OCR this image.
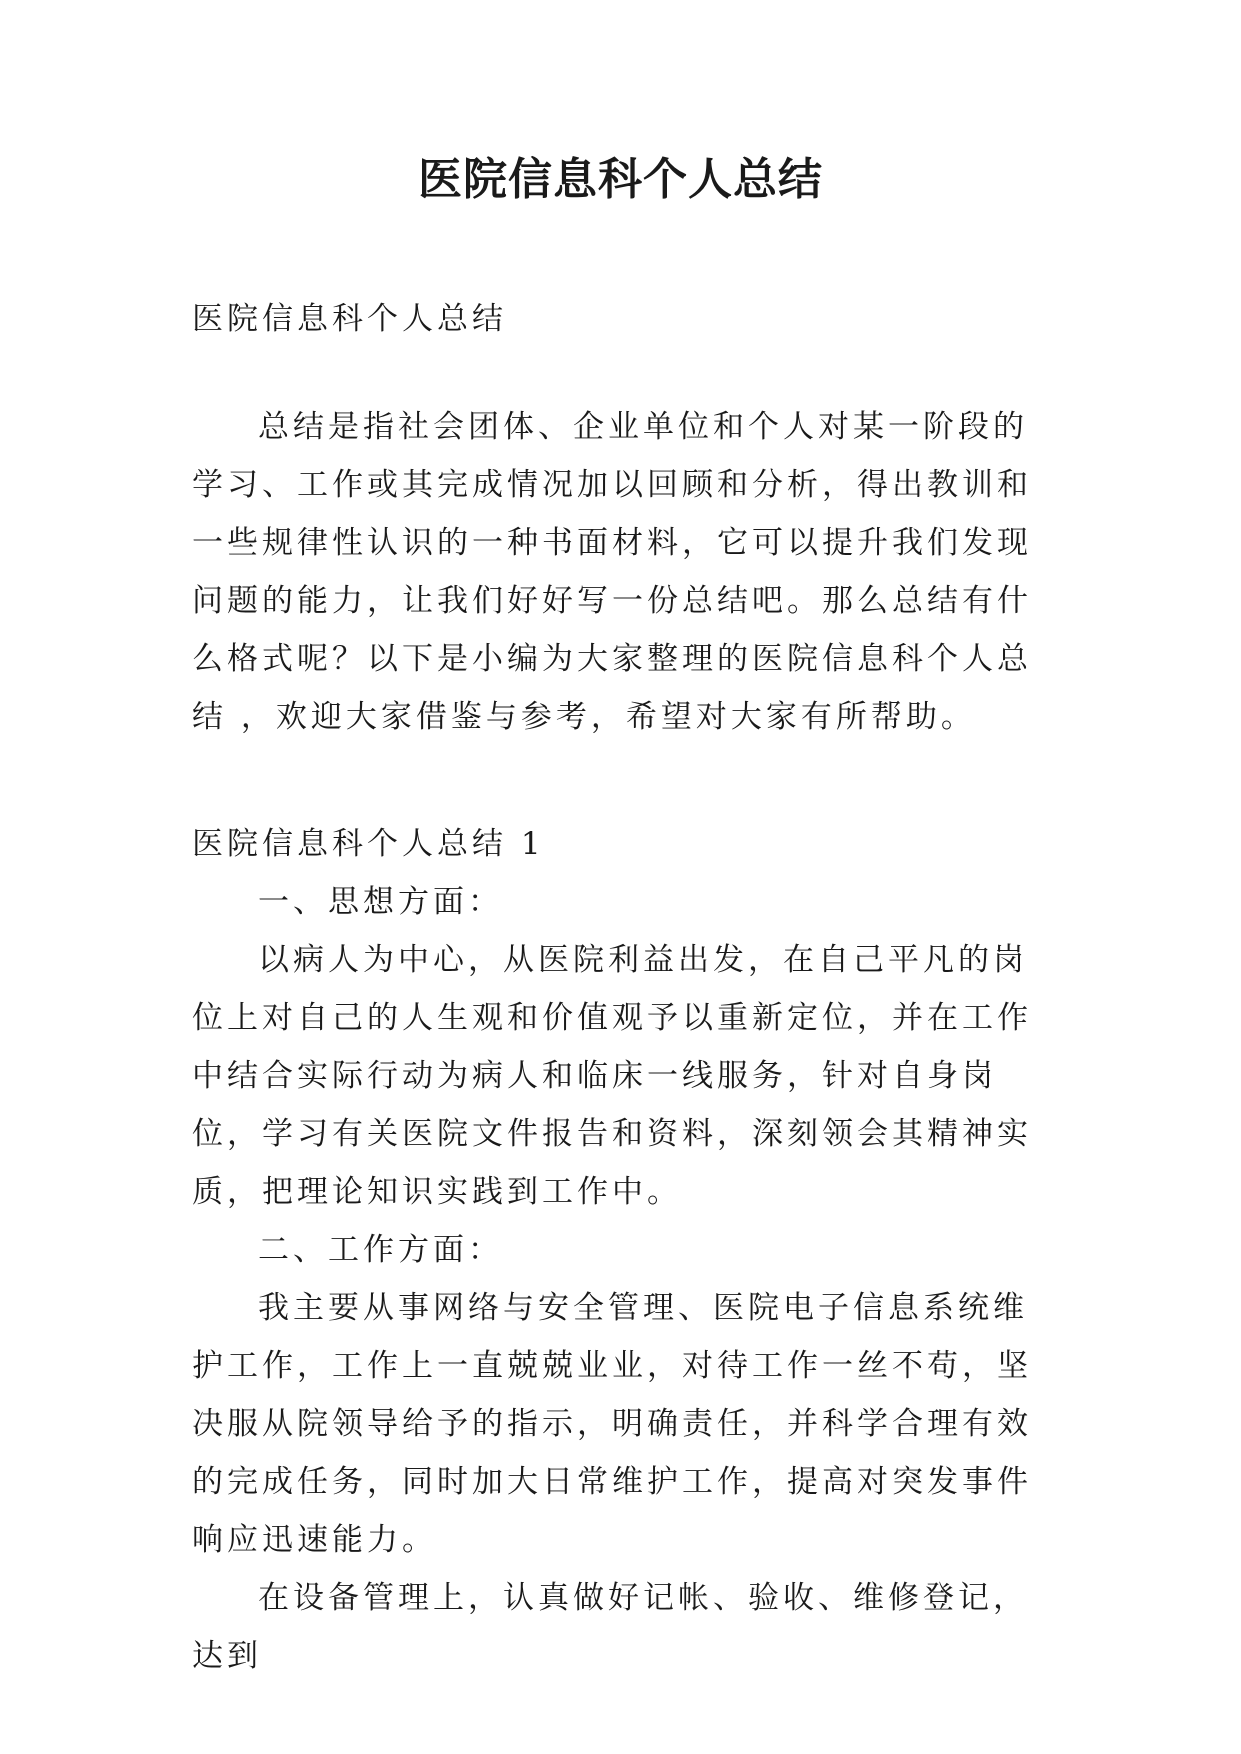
医院信息科个人总结

医院信息科个人总结

总结是指社会团体、企业单位和个人对某一阶段的学习、工作或其完成情况加以回顾和分析，得出教训和一些规律性认识的一种书面材料，它可以提升我们发现问题的能力，让我们好好写一份总结吧。那么总结有什么格式呢？以下是小编为大家整理的医院信息科个人总结 ，欢迎大家借鉴与参考，希望对大家有所帮助。

医院信息科个人总结 1

一、思想方面：

以病人为中心，从医院利益出发，在自己平凡的岗位上对自己的人生观和价值观予以重新定位，并在工作中结合实际行动为病人和临床一线服务，针对自身岗位，学习有关医院文件报告和资料，深刻领会其精神实质，把理论知识实践到工作中。

二、工作方面：

我主要从事网络与安全管理、医院电子信息系统维护工作，工作上一直兢兢业业，对待工作一丝不苟，坚决服从院领导给予的指示，明确责任，并科学合理有效的完成任务，同时加大日常维护工作，提高对突发事件响应迅速能力。

在设备管理上，认真做好记帐、验收、维修登记，达到
